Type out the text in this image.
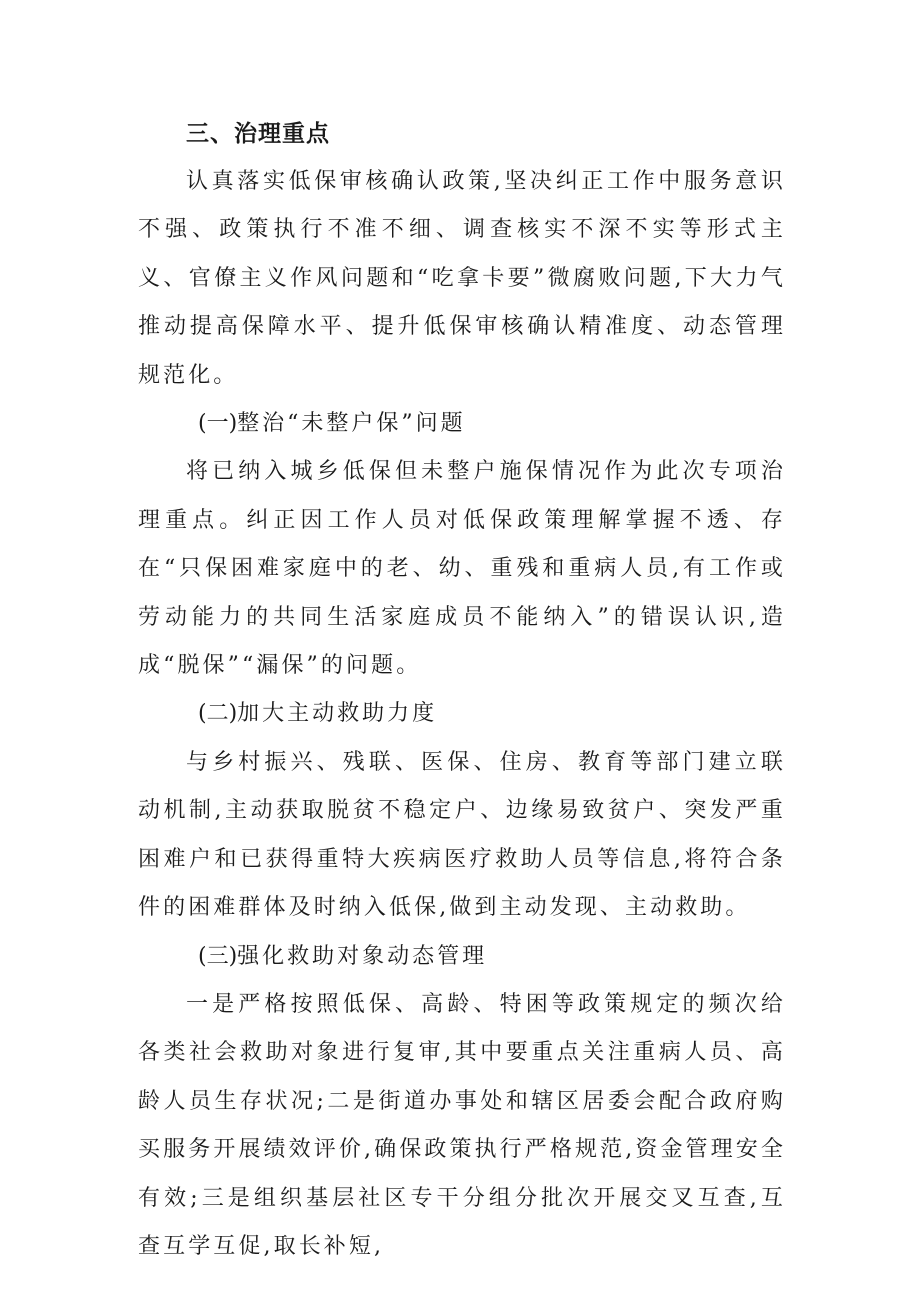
三、治理重点

认真落实低保审核确认政策,坚决纠正工作中服务意识不强、政策执行不准不细、调查核实不深不实等形式主义、官僚主义作风问题和“吃拿卡要”微腐败问题,下大力气推动提高保障水平、提升低保审核确认精准度、动态管理规范化。

(一)整治“未整户保”问题

将已纳入城乡低保但未整户施保情况作为此次专项治理重点。纠正因工作人员对低保政策理解掌握不透、存在“只保困难家庭中的老、幼、重残和重病人员,有工作或劳动能力的共同生活家庭成员不能纳入”的错误认识,造成“脱保”“漏保”的问题。

(二)加大主动救助力度

与乡村振兴、残联、医保、住房、教育等部门建立联动机制,主动获取脱贫不稳定户、边缘易致贫户、突发严重困难户和已获得重特大疾病医疗救助人员等信息,将符合条件的困难群体及时纳入低保,做到主动发现、主动救助。

(三)强化救助对象动态管理

一是严格按照低保、高龄、特困等政策规定的频次给各类社会救助对象进行复审,其中要重点关注重病人员、高龄人员生存状况;二是街道办事处和辖区居委会配合政府购买服务开展绩效评价,确保政策执行严格规范,资金管理安全有效;三是组织基层社区专干分组分批次开展交叉互查,互查互学互促,取长补短,
